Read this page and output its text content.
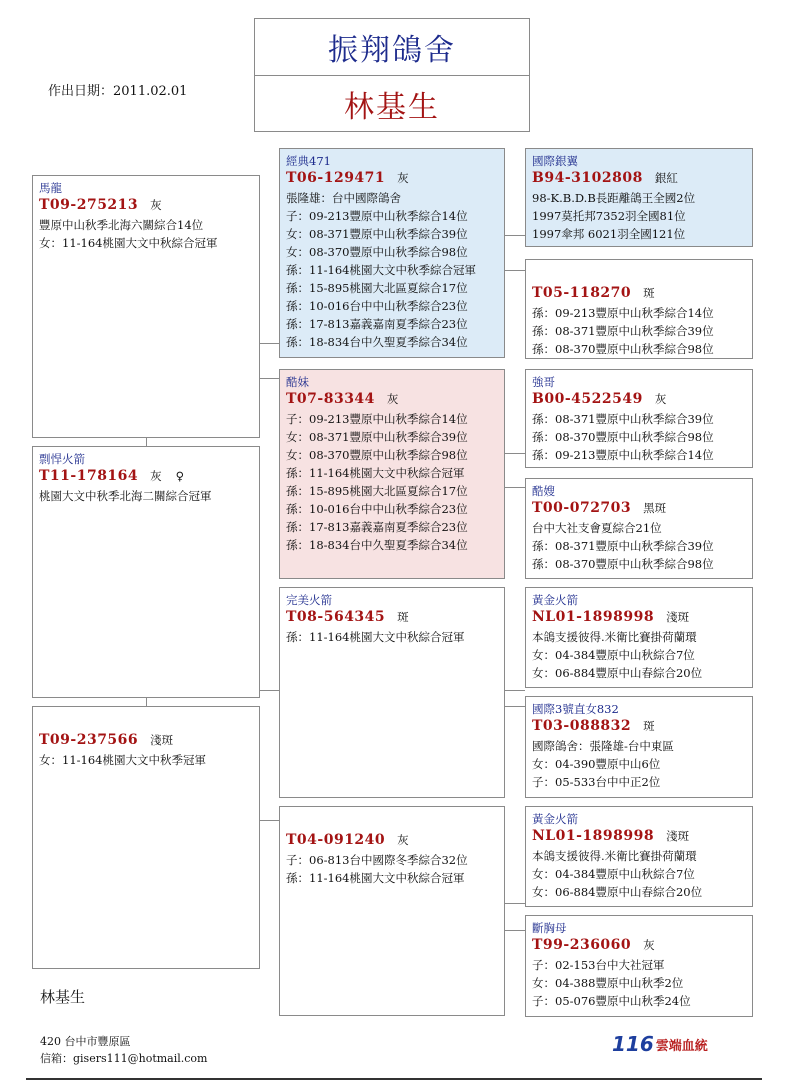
振翔鴿舍
林基生
作出日期：2011.02.01
馬龍
T09-275213 灰
豐原中山秋季北海六關綜合14位
女：11-164桃園大文中秋綜合冠軍
剽悍火箭
T11-178164 灰 ♀
桃園大文中秋季北海二關綜合冠軍
T09-237566 淺斑
女：11-164桃園大文中秋季冠軍
經典471
T06-129471 灰
張隆雄：台中國際鴿舍
子：09-213豐原中山秋季綜合14位
女：08-371豐原中山秋季綜合39位
女：08-370豐原中山秋季綜合98位
孫：11-164桃園大文中秋季綜合冠軍
孫：15-895桃園大北區夏綜合17位
孫：10-016台中中山秋季綜合23位
孫：17-813嘉義嘉南夏季綜合23位
孫：18-834台中久聖夏季綜合34位
酷妹
T07-83344 灰
子：09-213豐原中山秋季綜合14位
女：08-371豐原中山秋季綜合39位
女：08-370豐原中山秋季綜合98位
孫：11-164桃園大文中秋綜合冠軍
孫：15-895桃園大北區夏綜合17位
孫：10-016台中中山秋季綜合23位
孫：17-813嘉義嘉南夏季綜合23位
孫：18-834台中久聖夏季綜合34位
完美火箭
T08-564345 斑
孫：11-164桃園大文中秋綜合冠軍
T04-091240 灰
子：06-813台中國際冬季綜合32位
孫：11-164桃園大文中秋綜合冠軍
國際銀翼
B94-3102808 銀紅
98-K.B.D.B長距離鴿王全國2位
1997莫托邦7352羽全國81位
1997傘邦 6021羽全國121位
T05-118270 斑
孫：09-213豐原中山秋季綜合14位
孫：08-371豐原中山秋季綜合39位
孫：08-370豐原中山秋季綜合98位
強哥
B00-4522549 灰
孫：08-371豐原中山秋季綜合39位
孫：08-370豐原中山秋季綜合98位
孫：09-213豐原中山秋季綜合14位
酷嫂
T00-072703 黑斑
台中大社支會夏綜合21位
孫：08-371豐原中山秋季綜合39位
孫：08-370豐原中山秋季綜合98位
黃金火箭
NL01-1898998 淺斑
本鴿支援彼得.米衛比賽掛荷蘭環
女：04-384豐原中山秋綜合7位
女：06-884豐原中山春綜合20位
國際3號直女832
T03-088832 斑
國際鴿舍：張隆雄-台中東區
女：04-390豐原中山6位
子：05-533台中中正2位
黃金火箭
NL01-1898998 淺斑
本鴿支援彼得.米衛比賽掛荷蘭環
女：04-384豐原中山秋綜合7位
女：06-884豐原中山春綜合20位
斷胸母
T99-236060 灰
子：02-153台中大社冠軍
女：04-388豐原中山秋季2位
子：05-076豐原中山秋季24位
林基生
420 台中市豐原區
信箱：gisers111@hotmail.com
116 雲端血統
